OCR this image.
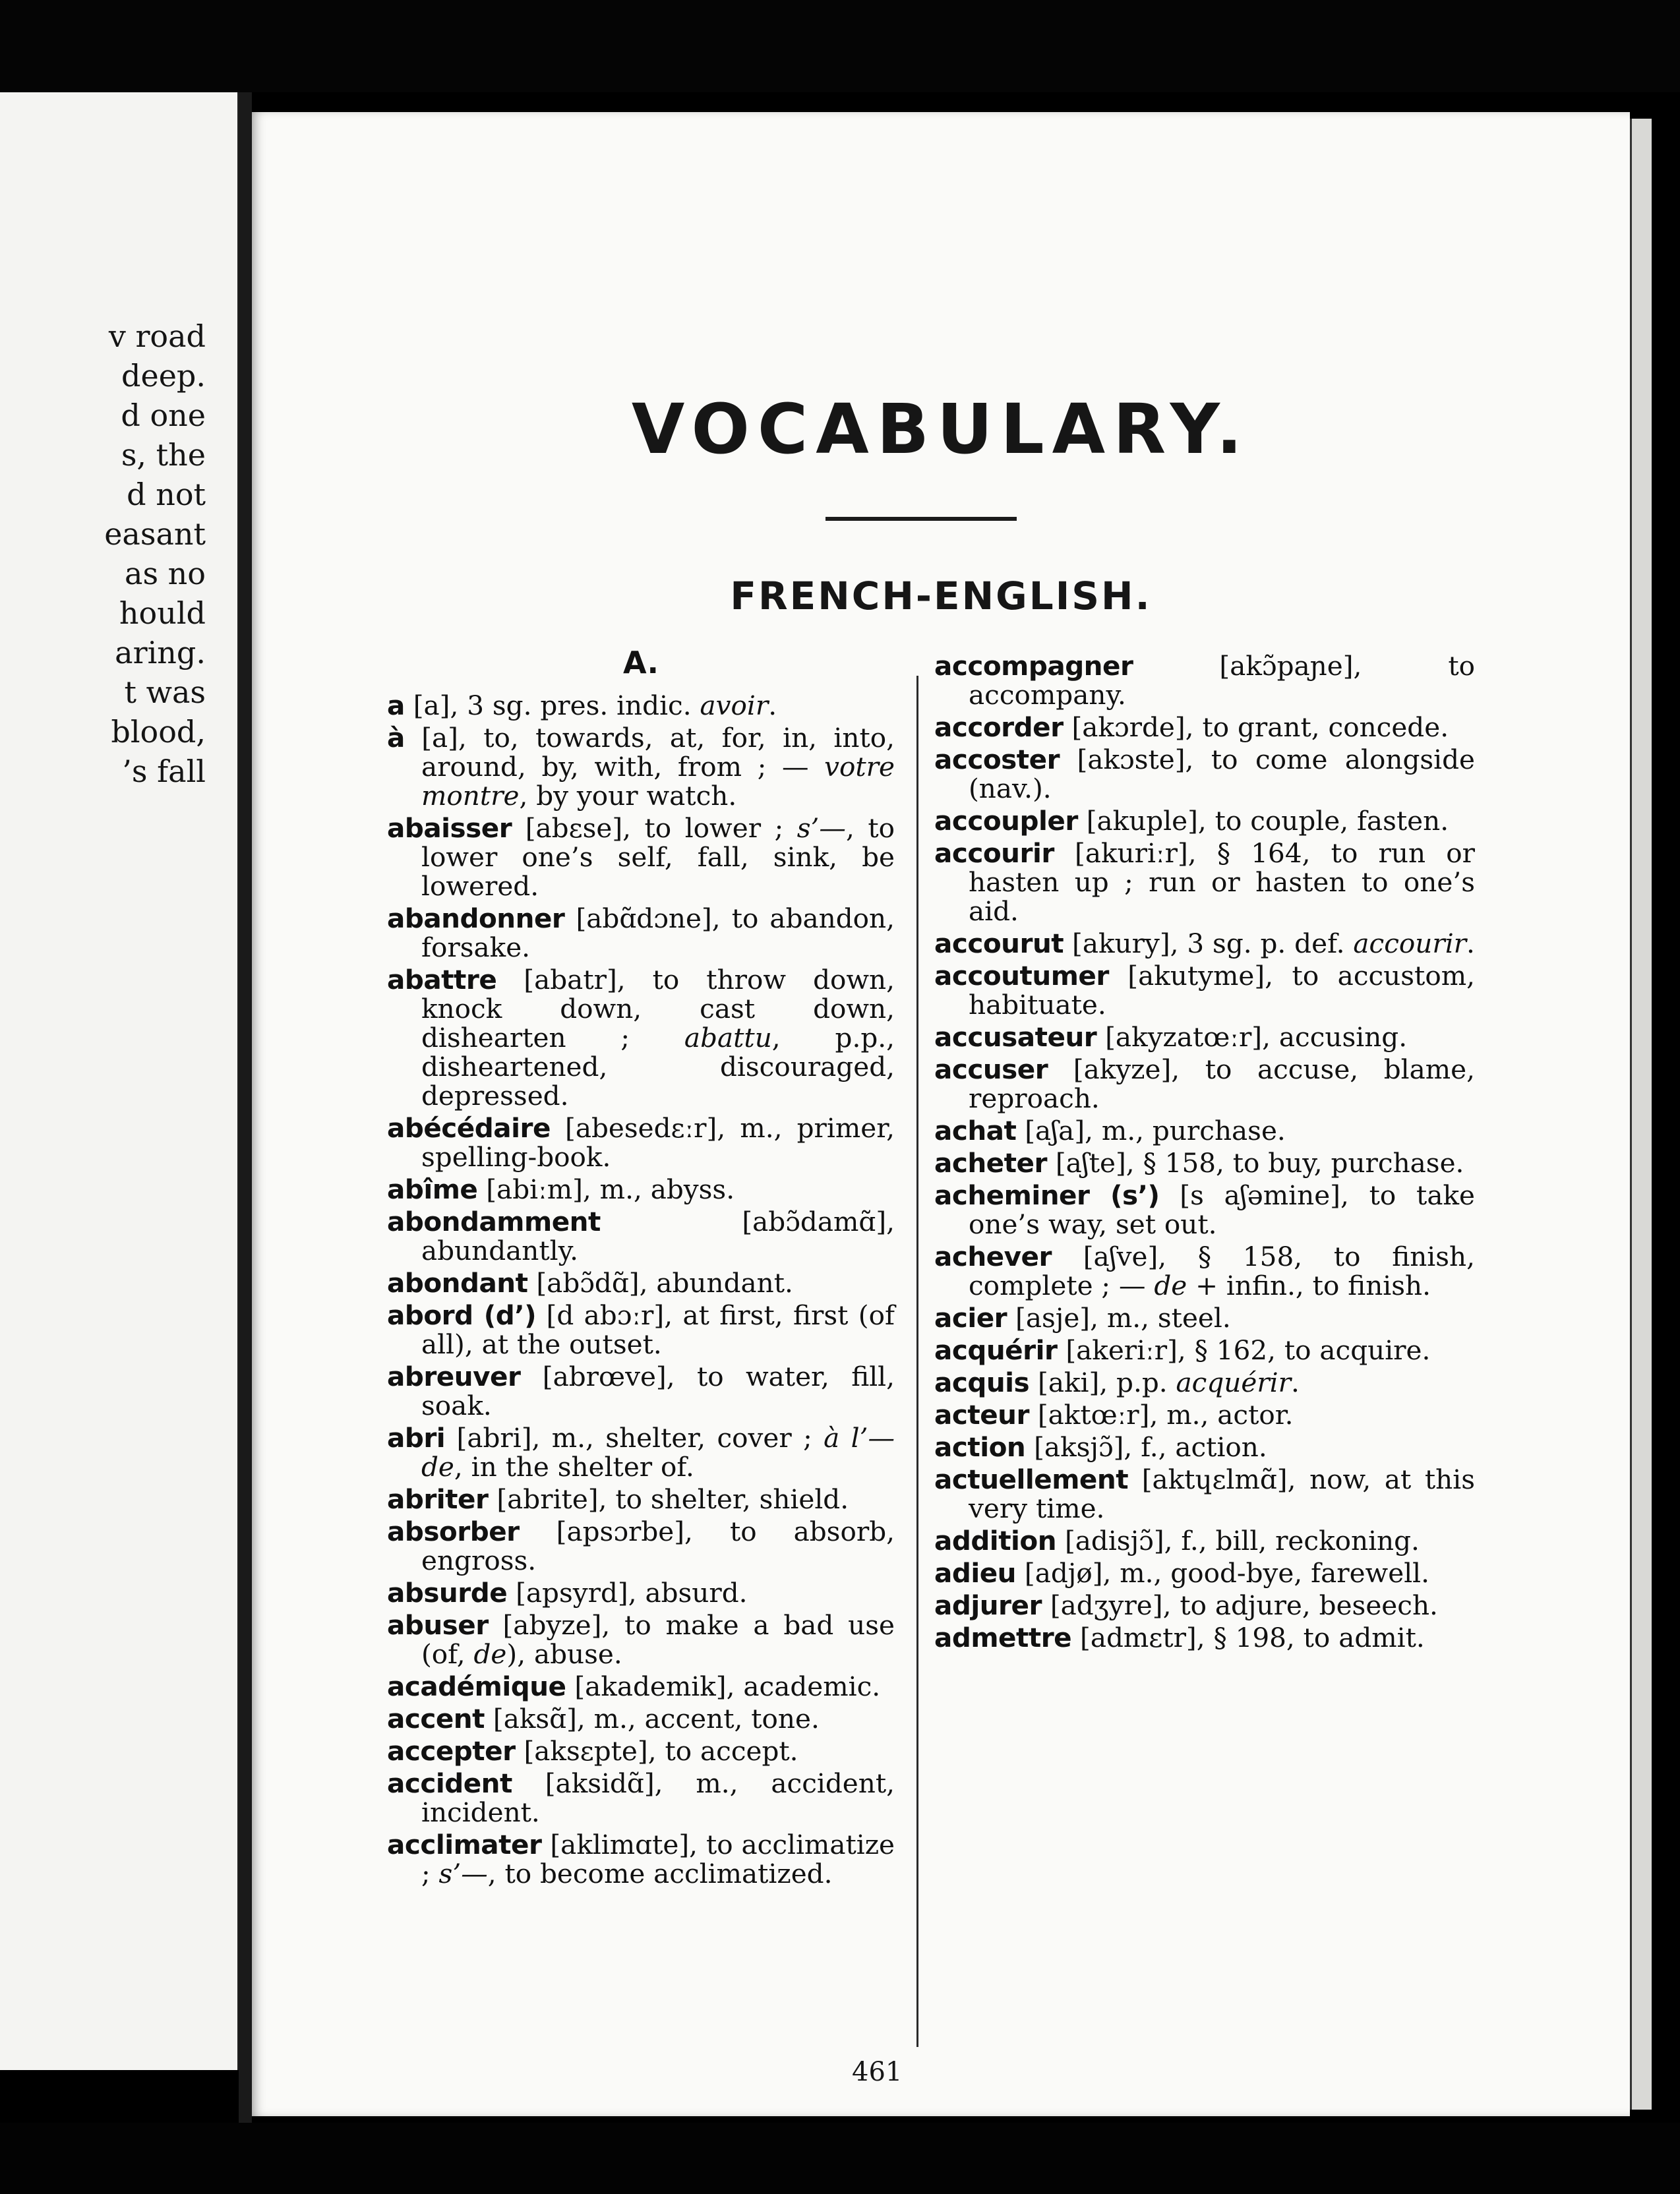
v road
deep.
d one
s, the
d not
easant
as no
hould
aring.
t was
blood,
’s fall
VOCABULARY.
FRENCH-ENGLISH.
A.
a [a], 3 sg. pres. indic. avoir.
à [a], to, towards, at, for, in, into, around, by, with, from ; — votre montre, by your watch.
abaisser [abεse], to lower ; s’—, to lower one’s self, fall, sink, be lowered.
abandonner [abɑ̃dɔne], to abandon, forsake.
abattre [abatr], to throw down, knock down, cast down, dishearten ; abattu, p.p., disheartened, discouraged, depressed.
abécédaire [abesedεːr], m., primer, spelling-book.
abîme [abiːm], m., abyss.
abondamment [abɔ̃damɑ̃], abundantly.
abondant [abɔ̃dɑ̃], abundant.
abord (d’) [d abɔːr], at first, first (of all), at the outset.
abreuver [abrœve], to water, fill, soak.
abri [abri], m., shelter, cover ; à l’— de, in the shelter of.
abriter [abrite], to shelter, shield.
absorber [apsɔrbe], to absorb, engross.
absurde [apsyrd], absurd.
abuser [abyze], to make a bad use (of, de), abuse.
académique [akademik], academic.
accent [aksɑ̃], m., accent, tone.
accepter [aksεpte], to accept.
accident [aksidɑ̃], m., accident, incident.
acclimater [aklimɑte], to acclimatize ; s’—, to become acclimatized.
accompagner [akɔ̃paɲe], to accompany.
accorder [akɔrde], to grant, concede.
accoster [akɔste], to come alongside (nav.).
accoupler [akuple], to couple, fasten.
accourir [akuriːr], § 164, to run or hasten up ; run or hasten to one’s aid.
accourut [akury], 3 sg. p. def. accourir.
accoutumer [akutyme], to accustom, habituate.
accusateur [akyzatœːr], accusing.
accuser [akyze], to accuse, blame, reproach.
achat [aʃa], m., purchase.
acheter [aʃte], § 158, to buy, purchase.
acheminer (s’) [s aʃəmine], to take one’s way, set out.
achever [aʃve], § 158, to finish, complete ; — de + infin., to finish.
acier [asje], m., steel.
acquérir [akeriːr], § 162, to acquire.
acquis [aki], p.p. acquérir.
acteur [aktœːr], m., actor.
action [aksjɔ̃], f., action.
actuellement [aktɥεlmɑ̃], now, at this very time.
addition [adisjɔ̃], f., bill, reckoning.
adieu [adjø], m., good-bye, farewell.
adjurer [adʒyre], to adjure, beseech.
admettre [admεtr], § 198, to admit.
461
